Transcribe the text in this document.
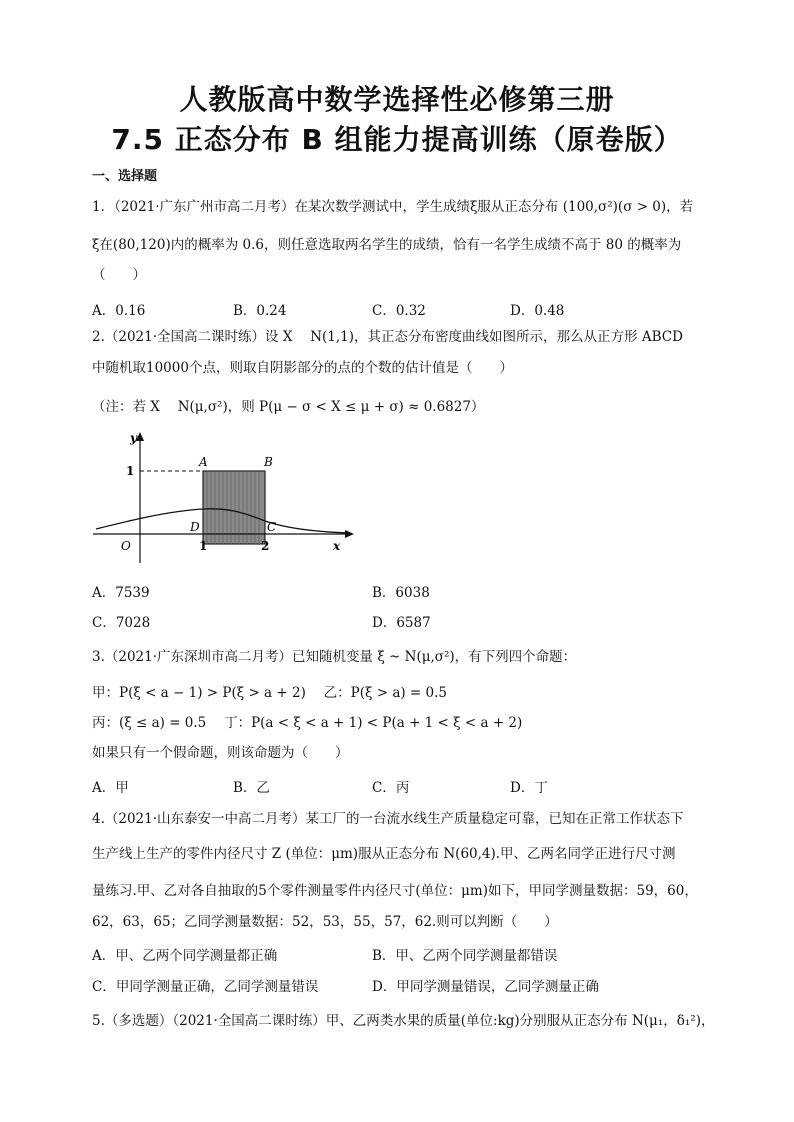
人教版高中数学选择性必修第三册
7.5 正态分布 B 组能力提高训练（原卷版）
一、选择题
1．（2021·广东广州市高二月考）在某次数学测试中，学生成绩ξ服从正态分布 (100,σ²)(σ > 0)，若
ξ在(80,120)内的概率为 0.6，则任意选取两名学生的成绩，恰有一名学生成绩不高于 80 的概率为
（　　）
A．0.16	B．0.24	C．0.32	D．0.48
2.（2021·全国高二课时练）设 X　 N(1,1)，其正态分布密度曲线如图所示，那么从正方形 ABCD
中随机取10000个点，则取自阴影部分的点的个数的估计值是（　　）
（注：若 X　 N(μ,σ²)，则 P(μ − σ < X ≤ μ + σ) ≈ 0.6827）
y
x
O
1
1	2
A	B
C
D
A．7539	B．6038
C．7028	D．6587
3.（2021·广东深圳市高二月考）已知随机变量 ξ ~ N(μ,σ²)，有下列四个命题：
甲：P(ξ < a − 1) > P(ξ > a + 2)　 乙：P(ξ > a) = 0.5
丙：(ξ ≤ a) = 0.5　 丁：P(a < ξ < a + 1) < P(a + 1 < ξ < a + 2)
如果只有一个假命题，则该命题为（　　）
A．甲	B．乙	C．丙	D．丁
4.（2021·山东泰安一中高二月考）某工厂的一台流水线生产质量稳定可靠，已知在正常工作状态下
生产线上生产的零件内径尺寸 Z (单位：μm)服从正态分布 N(60,4).甲、乙两名同学正进行尺寸测
量练习.甲、乙对各自抽取的5个零件测量零件内径尺寸(单位：μm)如下，甲同学测量数据：59，60，
62，63，65；乙同学测量数据：52，53，55，57，62.则可以判断（　　）
A．甲、乙两个同学测量都正确	B．甲、乙两个同学测量都错误
C．甲同学测量正确，乙同学测量错误	D．甲同学测量错误，乙同学测量正确
5.（多选题）（2021·全国高二课时练）甲、乙两类水果的质量(单位:kg)分别服从正态分布 N(μ₁，δ₁²)，
